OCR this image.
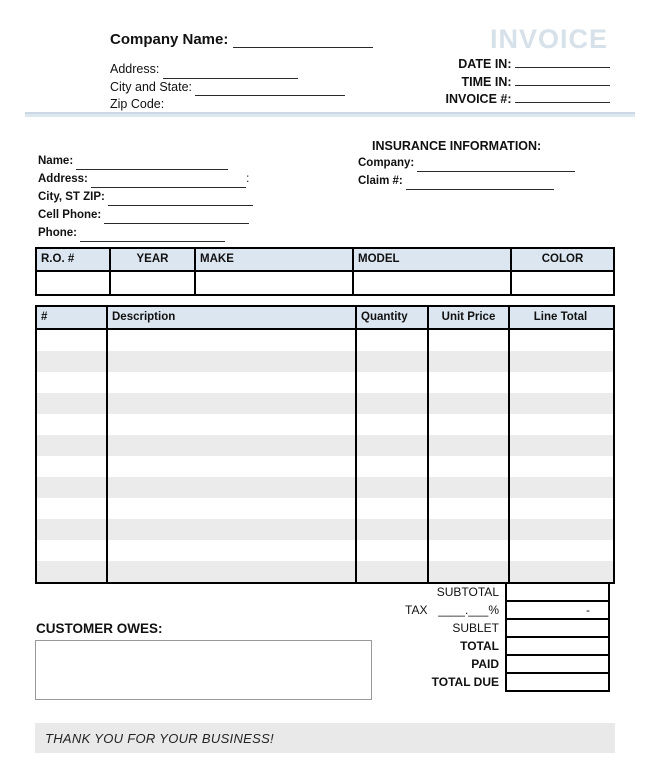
Company Name:	INVOICE
Address:
City and State:
Zip Code:
DATE IN:

TIME IN:

INVOICE #:

Name:
Address:	:
City, ST ZIP:
Cell Phone:
Phone:
INSURANCE INFORMATION:
Company:
Claim #:
R.O. #	YEAR	MAKE	MODEL	COLOR
#	Description	Quantity	Unit Price	Line Total
SUBTOTAL
TAX ____.___%	-
SUBLET
TOTAL
PAID
TOTAL DUE
CUSTOMER OWES:
THANK YOU FOR YOUR BUSINESS!
